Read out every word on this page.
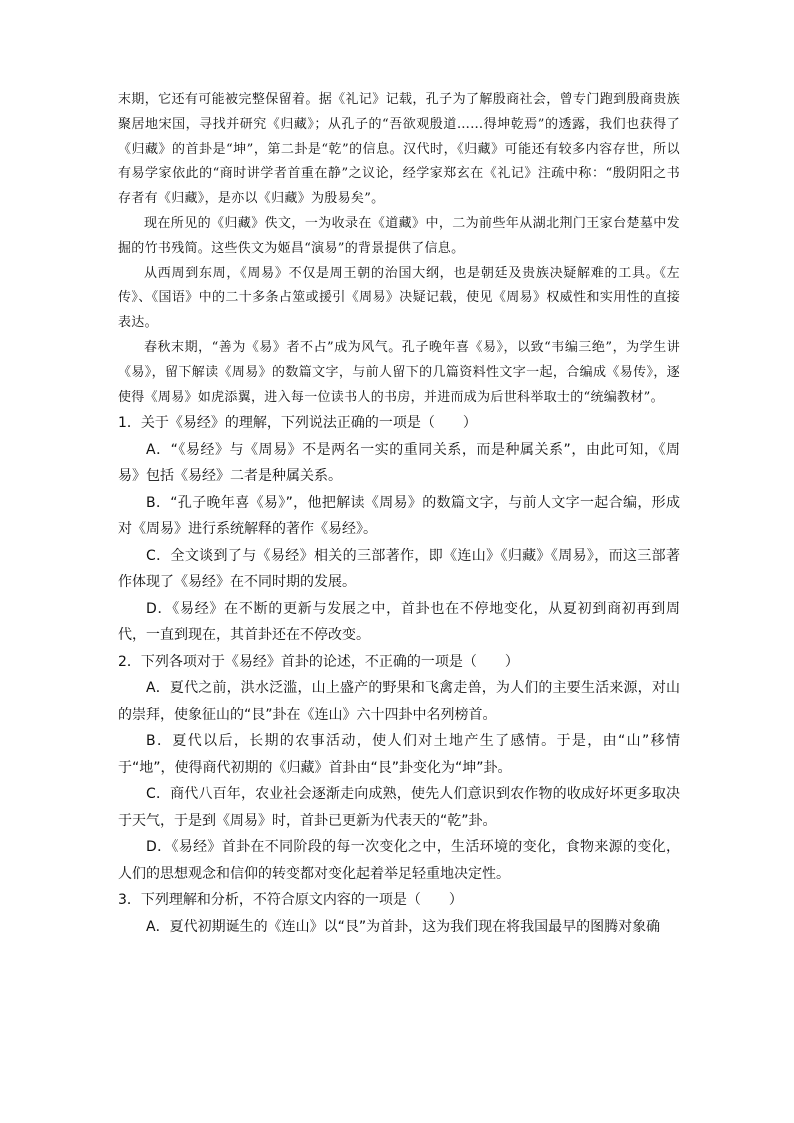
末期，它还有可能被完整保留着。据《礼记》记载，孔子为了解殷商社会，曾专门跑到殷商贵族聚居地宋国，寻找并研究《归藏》；从孔子的“吾欲观殷道……得坤乾焉”的透露，我们也获得了《归藏》的首卦是“坤”，第二卦是“乾”的信息。汉代时，《归藏》可能还有较多内容存世，所以有易学家依此的“商时讲学者首重在静”之议论，经学家郑玄在《礼记》注疏中称：“殷阴阳之书存者有《归藏》，是亦以《归藏》为殷易矣”。

现在所见的《归藏》佚文，一为收录在《道藏》中，二为前些年从湖北荆门王家台楚墓中发掘的竹书残简。这些佚文为姬昌“演易”的背景提供了信息。

从西周到东周，《周易》不仅是周王朝的治国大纲，也是朝廷及贵族决疑解难的工具。《左传》、《国语》中的二十多条占筮或援引《周易》决疑记载，使见《周易》权威性和实用性的直接表达。

春秋末期，“善为《易》者不占”成为风气。孔子晚年喜《易》，以致“韦编三绝”，为学生讲《易》，留下解读《周易》的数篇文字，与前人留下的几篇资料性文字一起，合编成《易传》，逐使得《周易》如虎添翼，进入每一位读书人的书房，并进而成为后世科举取士的“统编教材”。

1．关于《易经》的理解，下列说法正确的一项是（　　）

A．“《易经》与《周易》不是两名一实的重同关系，而是种属关系”，由此可知，《周易》包括《易经》二者是种属关系。

B．“孔子晚年喜《易》”，他把解读《周易》的数篇文字，与前人文字一起合编，形成对《周易》进行系统解释的著作《易经》。

C．全文谈到了与《易经》相关的三部著作，即《连山》《归藏》《周易》，而这三部著作体现了《易经》在不同时期的发展。

D．《易经》在不断的更新与发展之中，首卦也在不停地变化，从夏初到商初再到周代，一直到现在，其首卦还在不停改变。

2．下列各项对于《易经》首卦的论述，不正确的一项是（　　）

A．夏代之前，洪水泛滥，山上盛产的野果和飞禽走兽，为人们的主要生活来源，对山的崇拜，使象征山的“艮”卦在《连山》六十四卦中名列榜首。

B．夏代以后，长期的农事活动，使人们对土地产生了感情。于是，由“山”移情于“地”，使得商代初期的《归藏》首卦由“艮”卦变化为“坤”卦。

C．商代八百年，农业社会逐渐走向成熟，使先人们意识到农作物的收成好坏更多取决于天气，于是到《周易》时，首卦已更新为代表天的“乾”卦。

D．《易经》首卦在不同阶段的每一次变化之中，生活环境的变化，食物来源的变化，人们的思想观念和信仰的转变都对变化起着举足轻重地决定性。

3．下列理解和分析，不符合原文内容的一项是（　　）

A．夏代初期诞生的《连山》以“艮”为首卦，这为我们现在将我国最早的图腾对象确
